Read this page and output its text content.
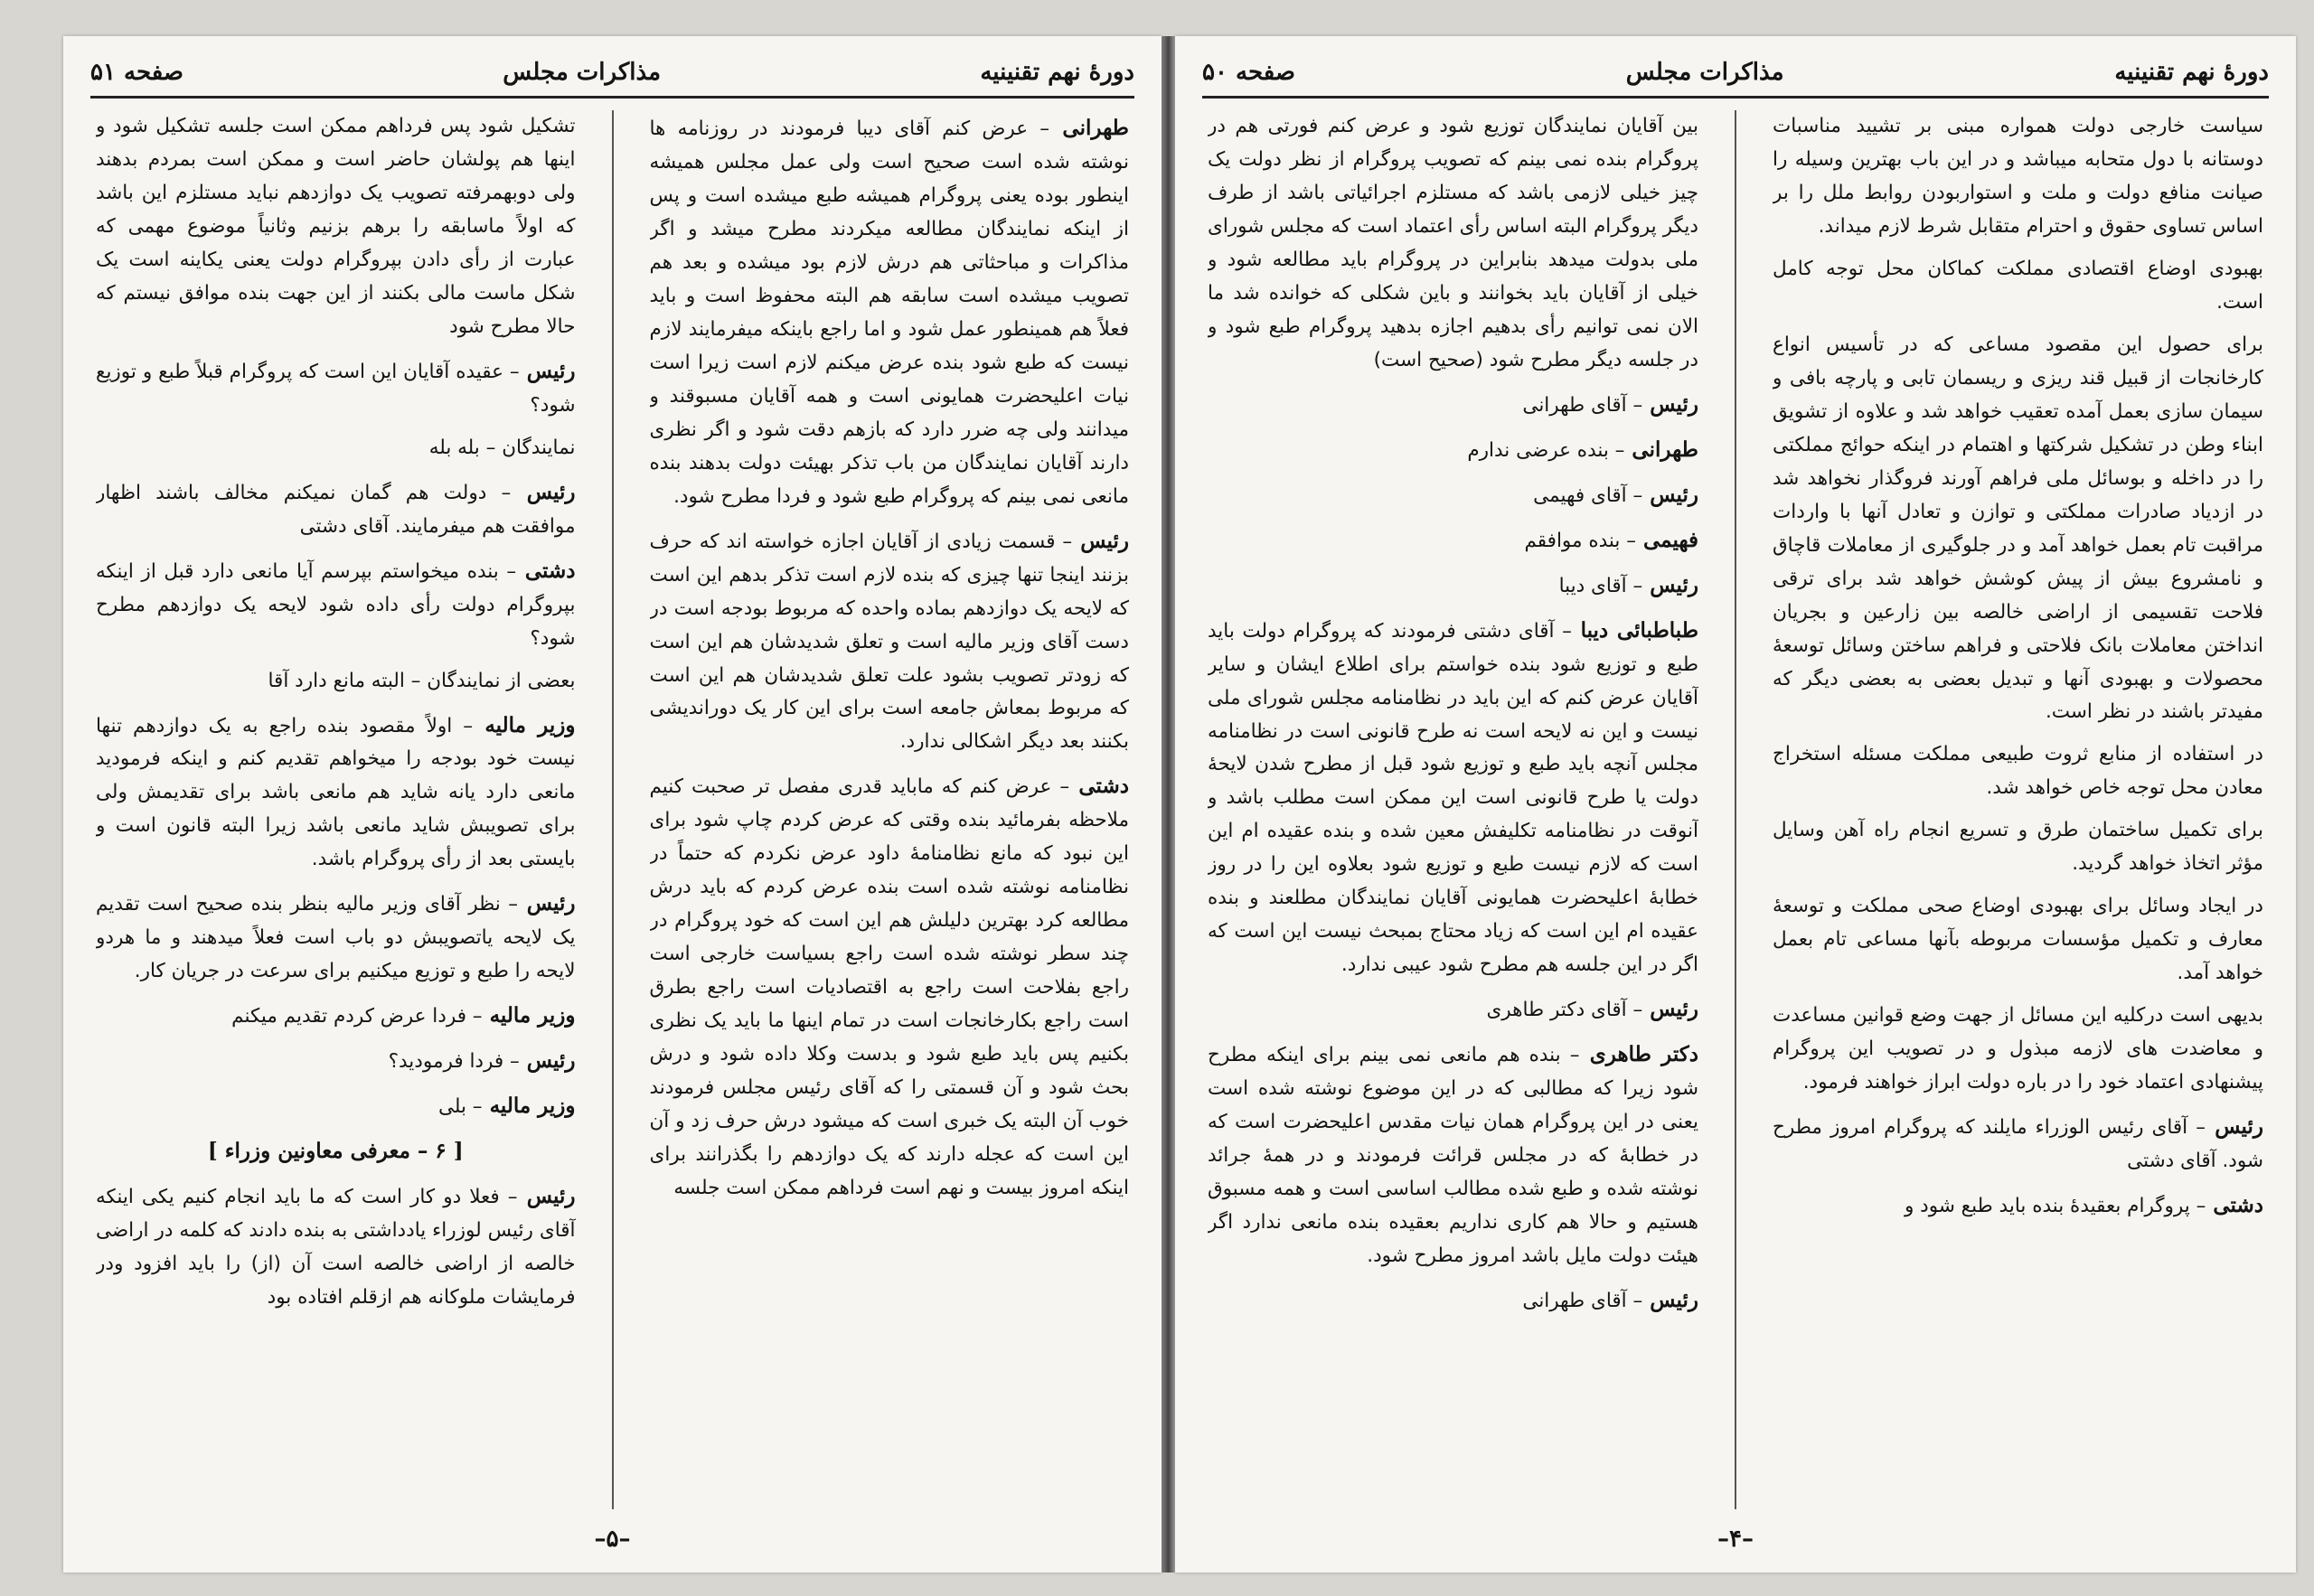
دورهٔ نهم تقنینیه
مذاکرات مجلس
صفحه ۵۰

سیاست خارجی دولت همواره مبنی بر تشیید مناسبات دوستانه با دول متحابه میباشد و در این باب بهترین وسیله را صیانت منافع دولت و ملت و استواربودن روابط ملل را بر اساس تساوی حقوق و احترام متقابل شرط لازم میداند.

بهبودی اوضاع اقتصادی مملکت کماکان محل توجه کامل است.

برای حصول این مقصود مساعی که در تأسیس انواع کارخانجات از قبیل قند ریزی و ریسمان تابی و پارچه بافی و سیمان سازی بعمل آمده تعقیب خواهد شد و علاوه از تشویق ابناء وطن در تشکیل شرکتها و اهتمام در اینکه حوائج مملکتی را در داخله و بوسائل ملی فراهم آورند فروگذار نخواهد شد در ازدیاد صادرات مملکتی و توازن و تعادل آنها با واردات مراقبت تام بعمل خواهد آمد و در جلوگیری از معاملات قاچاق و نامشروع بیش از پیش کوشش خواهد شد برای ترقی فلاحت تقسیمی از اراضی خالصه بین زارعین و بجریان انداختن معاملات بانک فلاحتی و فراهم ساختن وسائل توسعهٔ محصولات و بهبودی آنها و تبدیل بعضی به بعضی دیگر که مفیدتر باشند در نظر است.

در استفاده از منابع ثروت طبیعی مملکت مسئله استخراج معادن محل توجه خاص خواهد شد.

برای تکمیل ساختمان طرق و تسریع انجام راه آهن وسایل مؤثر اتخاذ خواهد گردید.

در ایجاد وسائل برای بهبودی اوضاع صحی مملکت و توسعهٔ معارف و تکمیل مؤسسات مربوطه بآنها مساعی تام بعمل خواهد آمد.

بدیهی است درکلیه این مسائل از جهت وضع قوانین مساعدت و معاضدت های لازمه مبذول و در تصویب این پروگرام پیشنهادی اعتماد خود را در باره دولت ابراز خواهند فرمود.

رئیس – آقای رئیس الوزراء مایلند که پروگرام امروز مطرح شود. آقای دشتی

دشتی – پروگرام بعقیدهٔ بنده باید طبع شود و

بین آقایان نمایندگان توزیع شود و عرض کنم فورتی هم در پروگرام بنده نمی بینم که تصویب پروگرام از نظر دولت یک چیز خیلی لازمی باشد که مستلزم اجرائیاتی باشد از طرف دیگر پروگرام البته اساس رأی اعتماد است که مجلس شورای ملی بدولت میدهد بنابراین در پروگرام باید مطالعه شود و خیلی از آقایان باید بخوانند و باین شکلی که خوانده شد ما الان نمی توانیم رأی بدهیم اجازه بدهید پروگرام طبع شود و در جلسه دیگر مطرح شود (صحیح است)

رئیس – آقای طهرانی

طهرانی – بنده عرضی ندارم

رئیس – آقای فهیمی

فهیمی – بنده موافقم

رئیس – آقای دیبا

طباطبائی دیبا – آقای دشتی فرمودند که پروگرام دولت باید طبع و توزیع شود بنده خواستم برای اطلاع ایشان و سایر آقایان عرض کنم که این باید در نظامنامه مجلس شورای ملی نیست و این نه لایحه است نه طرح قانونی است در نظامنامه مجلس آنچه باید طبع و توزیع شود قبل از مطرح شدن لایحهٔ دولت یا طرح قانونی است این ممکن است مطلب باشد و آنوقت در نظامنامه تکلیفش معین شده و بنده عقیده ام این است که لازم نیست طبع و توزیع شود بعلاوه این را در روز خطابهٔ اعلیحضرت همایونی آقایان نمایندگان مطلعند و بنده عقیده ام این است که زیاد محتاج بمبحث نیست این است که اگر در این جلسه هم مطرح شود عیبی ندارد.

رئیس – آقای دکتر طاهری

دکتر طاهری – بنده هم مانعی نمی بینم برای اینکه مطرح شود زیرا که مطالبی که در این موضوع نوشته شده است یعنی در این پروگرام همان نیات مقدس اعلیحضرت است که در خطابهٔ که در مجلس قرائت فرمودند و در همهٔ جرائد نوشته شده و طبع شده مطالب اساسی است و همه مسبوق هستیم و حالا هم کاری نداریم بعقیده بنده مانعی ندارد اگر هیئت دولت مایل باشد امروز مطرح شود.

رئیس – آقای طهرانی

–۴–
دورهٔ نهم تقنینیه
مذاکرات مجلس
صفحه ۵۱

طهرانی – عرض کنم آقای دیبا فرمودند در روزنامه ها نوشته شده است صحیح است ولی عمل مجلس همیشه اینطور بوده یعنی پروگرام همیشه طبع میشده است و پس از اینکه نمایندگان مطالعه میکردند مطرح میشد و اگر مذاکرات و مباحثاتی هم درش لازم بود میشده و بعد هم تصویب میشده است سابقه هم البته محفوظ است و باید فعلاً هم همینطور عمل شود و اما راجع باینکه میفرمایند لازم نیست که طبع شود بنده عرض میکنم لازم است زیرا است نیات اعلیحضرت همایونی است و همه آقایان مسبوقند و میدانند ولی چه ضرر دارد که بازهم دقت شود و اگر نظری دارند آقایان نمایندگان من باب تذکر بهیئت دولت بدهند بنده مانعی نمی بینم که پروگرام طبع شود و فردا مطرح شود.

رئیس – قسمت زیادی از آقایان اجازه خواسته اند که حرف بزنند اینجا تنها چیزی که بنده لازم است تذکر بدهم این است که لایحه یک دوازدهم بماده واحده که مربوط بودجه است در دست آقای وزیر مالیه است و تعلق شدیدشان هم این است که زودتر تصویب بشود علت تعلق شدیدشان هم این است که مربوط بمعاش جامعه است برای این کار یک دوراندیشی بکنند بعد دیگر اشکالی ندارد.

دشتی – عرض کنم که ماباید قدری مفصل تر صحبت کنیم ملاحظه بفرمائید بنده وقتی که عرض کردم چاپ شود برای این نبود که مانع نظامنامهٔ داود عرض نکردم که حتماً در نظامنامه نوشته شده است بنده عرض کردم که باید درش مطالعه کرد بهترین دلیلش هم این است که خود پروگرام در چند سطر نوشته شده است راجع بسیاست خارجی است راجع بفلاحت است راجع به اقتصادیات است راجع بطرق است راجع بکارخانجات است در تمام اینها ما باید یک نظری بکنیم پس باید طبع شود و بدست وکلا داده شود و درش بحث شود و آن قسمتی را که آقای رئیس مجلس فرمودند خوب آن البته یک خبری است که میشود درش حرف زد و آن این است که عجله دارند که یک دوازدهم را بگذرانند برای اینکه امروز بیست و نهم است فرداهم ممکن است جلسه

تشکیل شود پس فرداهم ممکن است جلسه تشکیل شود و اینها هم پولشان حاضر است و ممکن است بمردم بدهند ولی دوبهمرفته تصویب یک دوازدهم نباید مستلزم این باشد که اولاً ماسابقه را برهم بزنیم وثانیاً موضوع مهمی که عبارت از رأی دادن بپروگرام دولت یعنی یکاینه است یک شکل ماست مالی بکنند از این جهت بنده موافق نیستم که حالا مطرح شود

رئیس – عقیده آقایان این است که پروگرام قبلاً طبع و توزیع شود؟

نمایندگان – بله بله

رئیس – دولت هم گمان نمیکنم مخالف باشند اظهار موافقت هم میفرمایند. آقای دشتی

دشتی – بنده میخواستم بپرسم آیا مانعی دارد قبل از اینکه بپروگرام دولت رأی داده شود لایحه یک دوازدهم مطرح شود؟

بعضی از نمایندگان – البته مانع دارد آقا

وزیر مالیه – اولاً مقصود بنده راجع به یک دوازدهم تنها نیست خود بودجه را میخواهم تقدیم کنم و اینکه فرمودید مانعی دارد یانه شاید هم مانعی باشد برای تقدیمش ولی برای تصویبش شاید مانعی باشد زیرا البته قانون است و بایستی بعد از رأی پروگرام باشد.

رئیس – نظر آقای وزیر مالیه بنظر بنده صحیح است تقدیم یک لایحه یاتصویبش دو باب است فعلاً میدهند و ما هردو لایحه را طبع و توزیع میکنیم برای سرعت در جریان کار.

وزیر مالیه – فردا عرض کردم تقدیم میکنم

رئیس – فردا فرمودید؟

وزیر مالیه – بلی

[ ۶ – معرفی معاونین وزراء ]

رئیس – فعلا دو کار است که ما باید انجام کنیم یکی اینکه آقای رئیس لوزراء یادداشتی به بنده دادند که کلمه در اراضی خالصه از اراضی خالصه است آن (از) را باید افزود ودر فرمایشات ملوکانه هم ازقلم افتاده بود

–۵–
